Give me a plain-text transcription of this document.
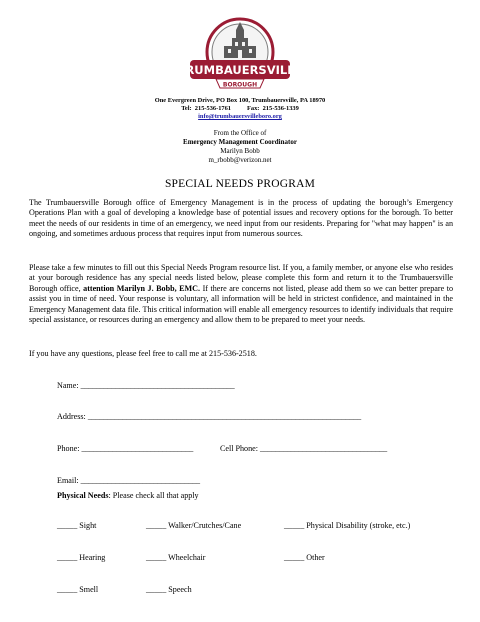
TRUMBAUERSVILLE
BOROUGH
One Evergreen Drive, PO Box 100, Trumbauersville, PA 18970
Tel:  215-536-1761          Fax:  215-536-1339
info@trumbauersvilleboro.org
From the Office of
Emergency Management Coordinator
Marilyn Bobb
m_rbobb@verizon.net
SPECIAL NEEDS PROGRAM
The Trumbauersville Borough office of Emergency Management is in the process of updating the borough’s Emergency Operations Plan with a goal of developing a knowledge base of potential issues and recovery options for the borough. To better meet the needs of our residents in time of an emergency, we need input from our residents. Preparing for "what may happen" is an ongoing, and sometimes arduous process that requires input from numerous sources.
Please take a few minutes to fill out this Special Needs Program resource list. If you, a family member, or anyone else who resides at your borough residence has any special needs listed below, please complete this form and return it to the Trumbauersville Borough office, attention Marilyn J. Bobb, EMC. If there are concerns not listed, please add them so we can better prepare to assist you in time of need. Your response is voluntary, all information will be held in strictest confidence, and maintained in the Emergency Management data file. This critical information will enable all emergency resources to identify individuals that require special assistance, or resources during an emergency and allow them to be prepared to meet your needs.
If you have any questions, please feel free to call me at 215-536-2518.
Name: ________________________________________
Address: _______________________________________________________________________
Phone: _____________________________	Cell Phone: _________________________________
Email: _______________________________
Physical Needs: Please check all that apply
_____ Sight	_____ Walker/Crutches/Cane	_____ Physical Disability (stroke, etc.)
_____ Hearing	_____ Wheelchair	_____ Other
_____ Smell	_____ Speech
